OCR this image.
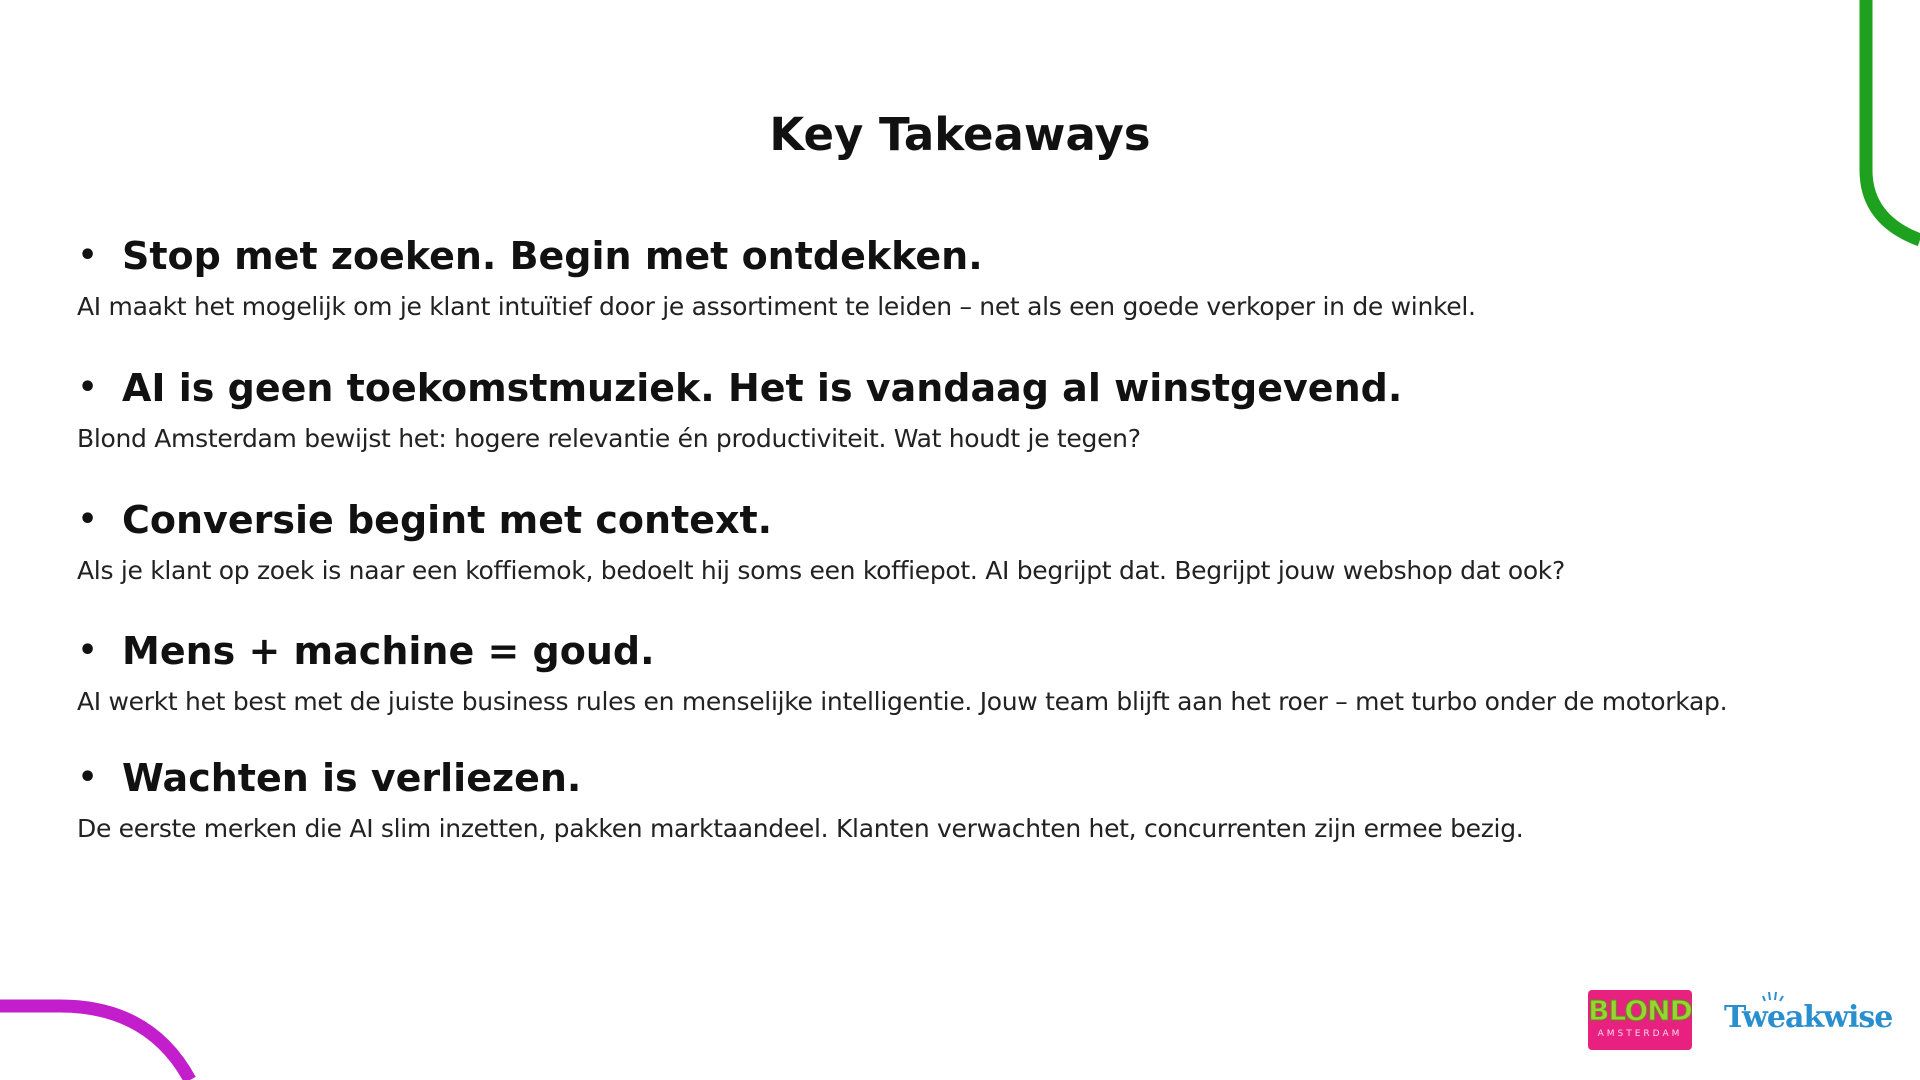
Key Takeaways
• Stop met zoeken. Begin met ontdekken.
AI maakt het mogelijk om je klant intuïtief door je assortiment te leiden – net als een goede verkoper in de winkel.
• AI is geen toekomstmuziek. Het is vandaag al winstgevend.
Blond Amsterdam bewijst het: hogere relevantie én productiviteit. Wat houdt je tegen?
• Conversie begint met context.
Als je klant op zoek is naar een koffiemok, bedoelt hij soms een koffiepot. AI begrijpt dat. Begrijpt jouw webshop dat ook?
• Mens + machine = goud.
AI werkt het best met de juiste business rules en menselijke intelligentie. Jouw team blijft aan het roer – met turbo onder de motorkap.
• Wachten is verliezen.
De eerste merken die AI slim inzetten, pakken marktaandeel. Klanten verwachten het, concurrenten zijn ermee bezig.
BLOND
AMSTERDAM	Tweakwise
